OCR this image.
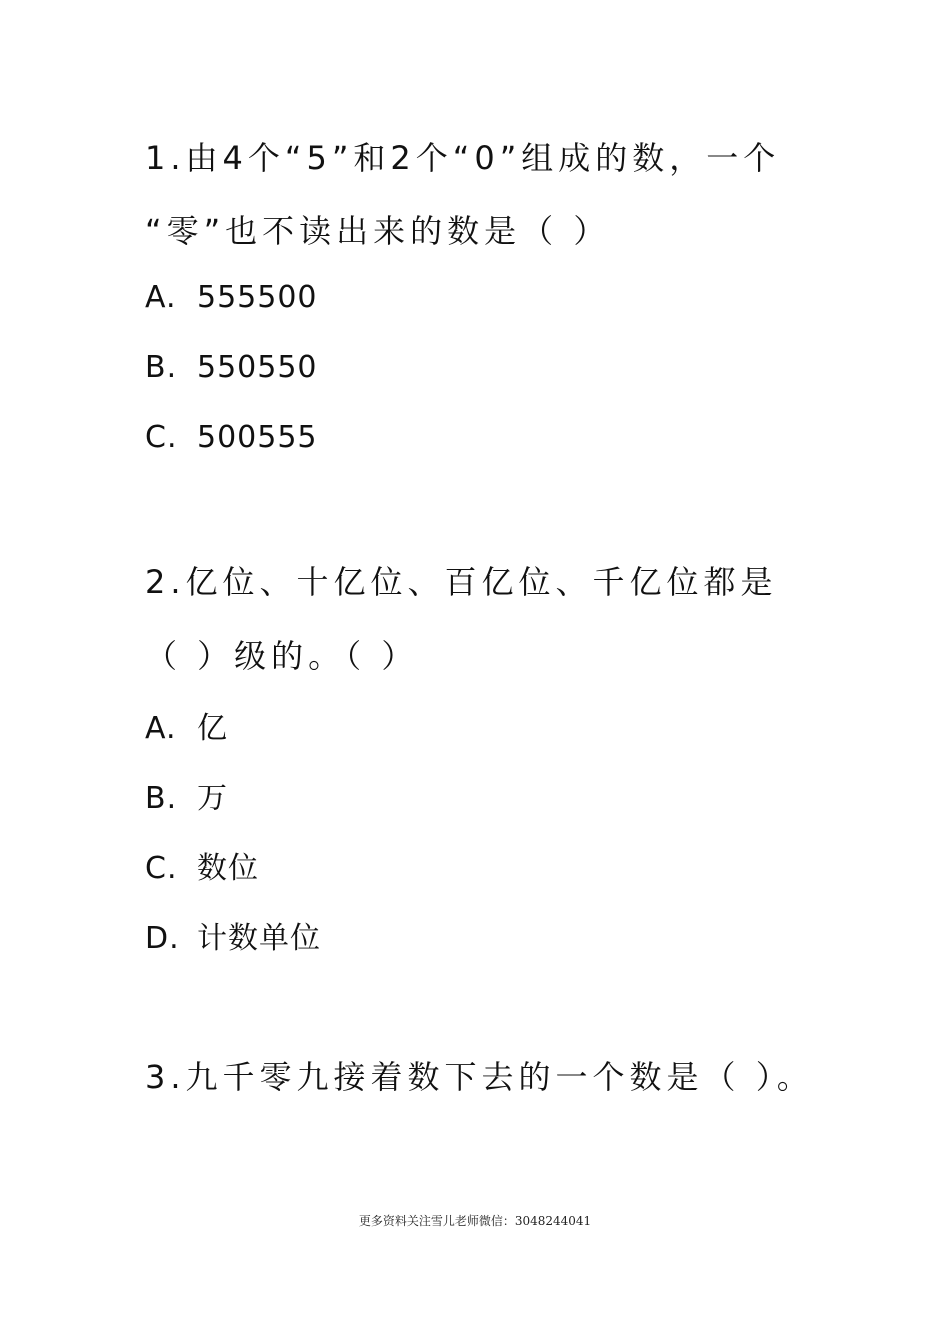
1.由4个“5”和2个“0”组成的数，一个
“零”也不读出来的数是（ ）
A. 555500
B. 550550
C. 500555
2.亿位、十亿位、百亿位、千亿位都是
（ ）级的。（ ）
A. 亿
B. 万
C. 数位
D. 计数单位
3.九千零九接着数下去的一个数是（ ）。
更多资料关注雪儿老师微信：3048244041
